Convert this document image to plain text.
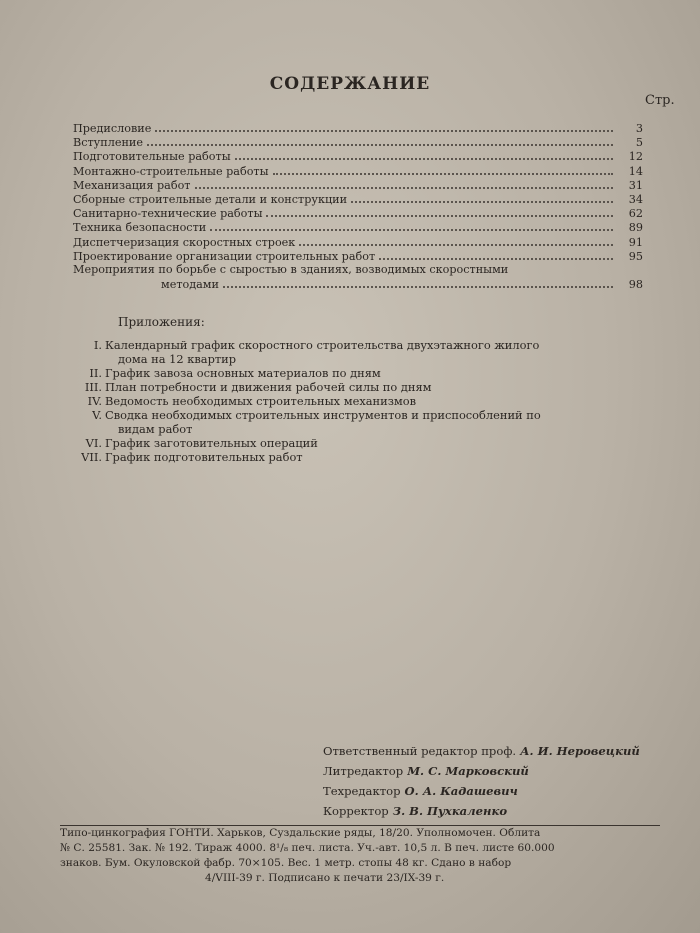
СОДЕРЖАНИЕ
Стр.
Предисловие	3
Вступление	5
Подготовительные работы	12
Монтажно-строительные работы	14
Механизация работ	31
Сборные строительные детали и конструкции	34
Санитарно-технические работы	62
Техника безопасности	89
Диспетчеризация скоростных строек	91
Проектирование организации строительных работ	95
Мероприятия по борьбе с сыростью в зданиях, возводимых скоростными
методами	98
Приложения:
I. Календарный график скоростного строительства двухэтажного жилого
дома на 12 квартир
II. График завоза основных материалов по дням
III. План потребности и движения рабочей силы по дням
IV. Ведомость необходимых строительных механизмов
V. Сводка необходимых строительных инструментов и приспособлений по
видам работ
VI. График заготовительных операций
VII. График подготовительных работ
Ответственный редактор проф. А. И. Неровецкий
Литредактор М. С. Марковский
Техредактор О. А. Кадашевич
Корректор З. В. Пухкаленко
Типо-цинкография ГОНТИ. Харьков, Суздальские ряды, 18/20. Уполномочен. Облита
№ С. 25581. Зак. № 192. Тираж 4000. 8¹/₈ печ. листа. Уч.-авт. 10,5 л. В печ. листе 60.000
знаков. Бум. Окуловской фабр. 70×105. Вес. 1 метр. стопы 48 кг. Сдано в набор
4/VIII-39 г. Подписано к печати 23/IX-39 г.
